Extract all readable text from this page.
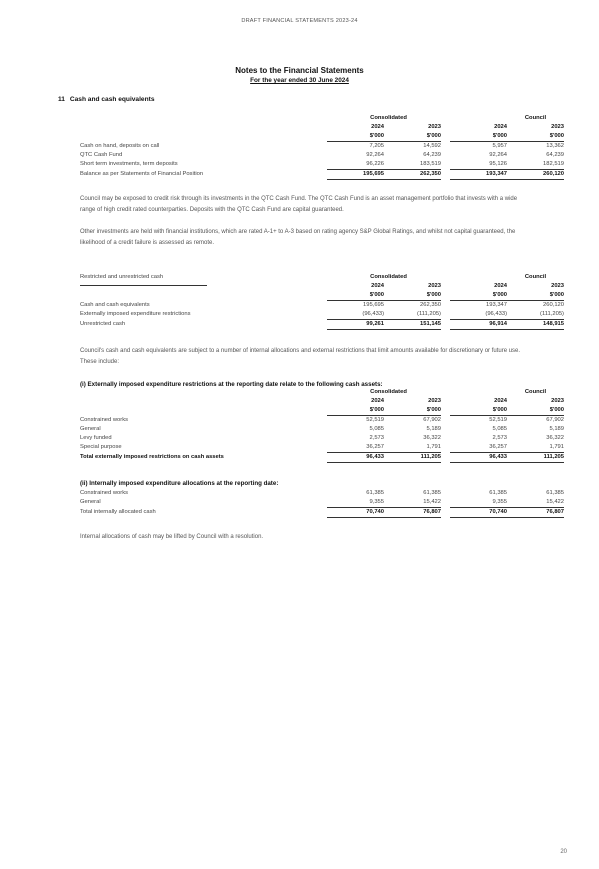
DRAFT FINANCIAL STATEMENTS 2023-24
Notes to the Financial Statements
For the year ended 30 June 2024
11 Cash and cash equivalents
	Consolidated				Council
	2024	2023		2024	2023
	$'000	$'000		$'000	$'000
Cash on hand, deposits on call	7,205	14,592		5,957	13,362
QTC Cash Fund	92,264	64,239		92,264	64,239
Short term investments, term deposits	96,226	183,519		95,126	182,519
Balance as per Statements of Financial Position	195,695	262,350		193,347	260,120
Council may be exposed to credit risk through its investments in the QTC Cash Fund. The QTC Cash Fund is an asset management portfolio that invests with a wide range of high credit rated counterparties. Deposits with the QTC Cash Fund are capital guaranteed.
Other investments are held with financial institutions, which are rated A-1+ to A-3 based on rating agency S&P Global Ratings, and whilst not capital guaranteed, the likelihood of a credit failure is assessed as remote.
Restricted and unrestricted cash
		Consolidated				Council
	2024	2023		2024	2023
	$'000	$'000		$'000	$'000
Cash and cash equivalents	195,695	262,350		193,347	260,120
Externally imposed expenditure restrictions	(96,433)	(111,205)		(96,433)	(111,205)
Unrestricted cash	99,261	151,145		96,914	148,915
Council's cash and cash equivalents are subject to a number of internal allocations and external restrictions that limit amounts available for discretionary or future use. These include:
(i) Externally imposed expenditure restrictions at the reporting date relate to the following cash assets:
	Consolidated				Council
	2024	2023		2024	2023
	$'000	$'000		$'000	$'000
Constrained works	52,519	67,902		52,519	67,902
General	5,085	5,189		5,085	5,189
Levy funded	2,573	36,322		2,573	36,322
Special purpose	36,257	1,791		36,257	1,791
Total externally imposed restrictions on cash assets	96,433	111,205		96,433	111,205
(ii) Internally imposed expenditure allocations at the reporting date:
Constrained works	61,385	61,385		61,385	61,385
General	9,355	15,422		9,355	15,422
Total internally allocated cash	70,740	76,807		70,740	76,807
Internal allocations of cash may be lifted by Council with a resolution.
20
